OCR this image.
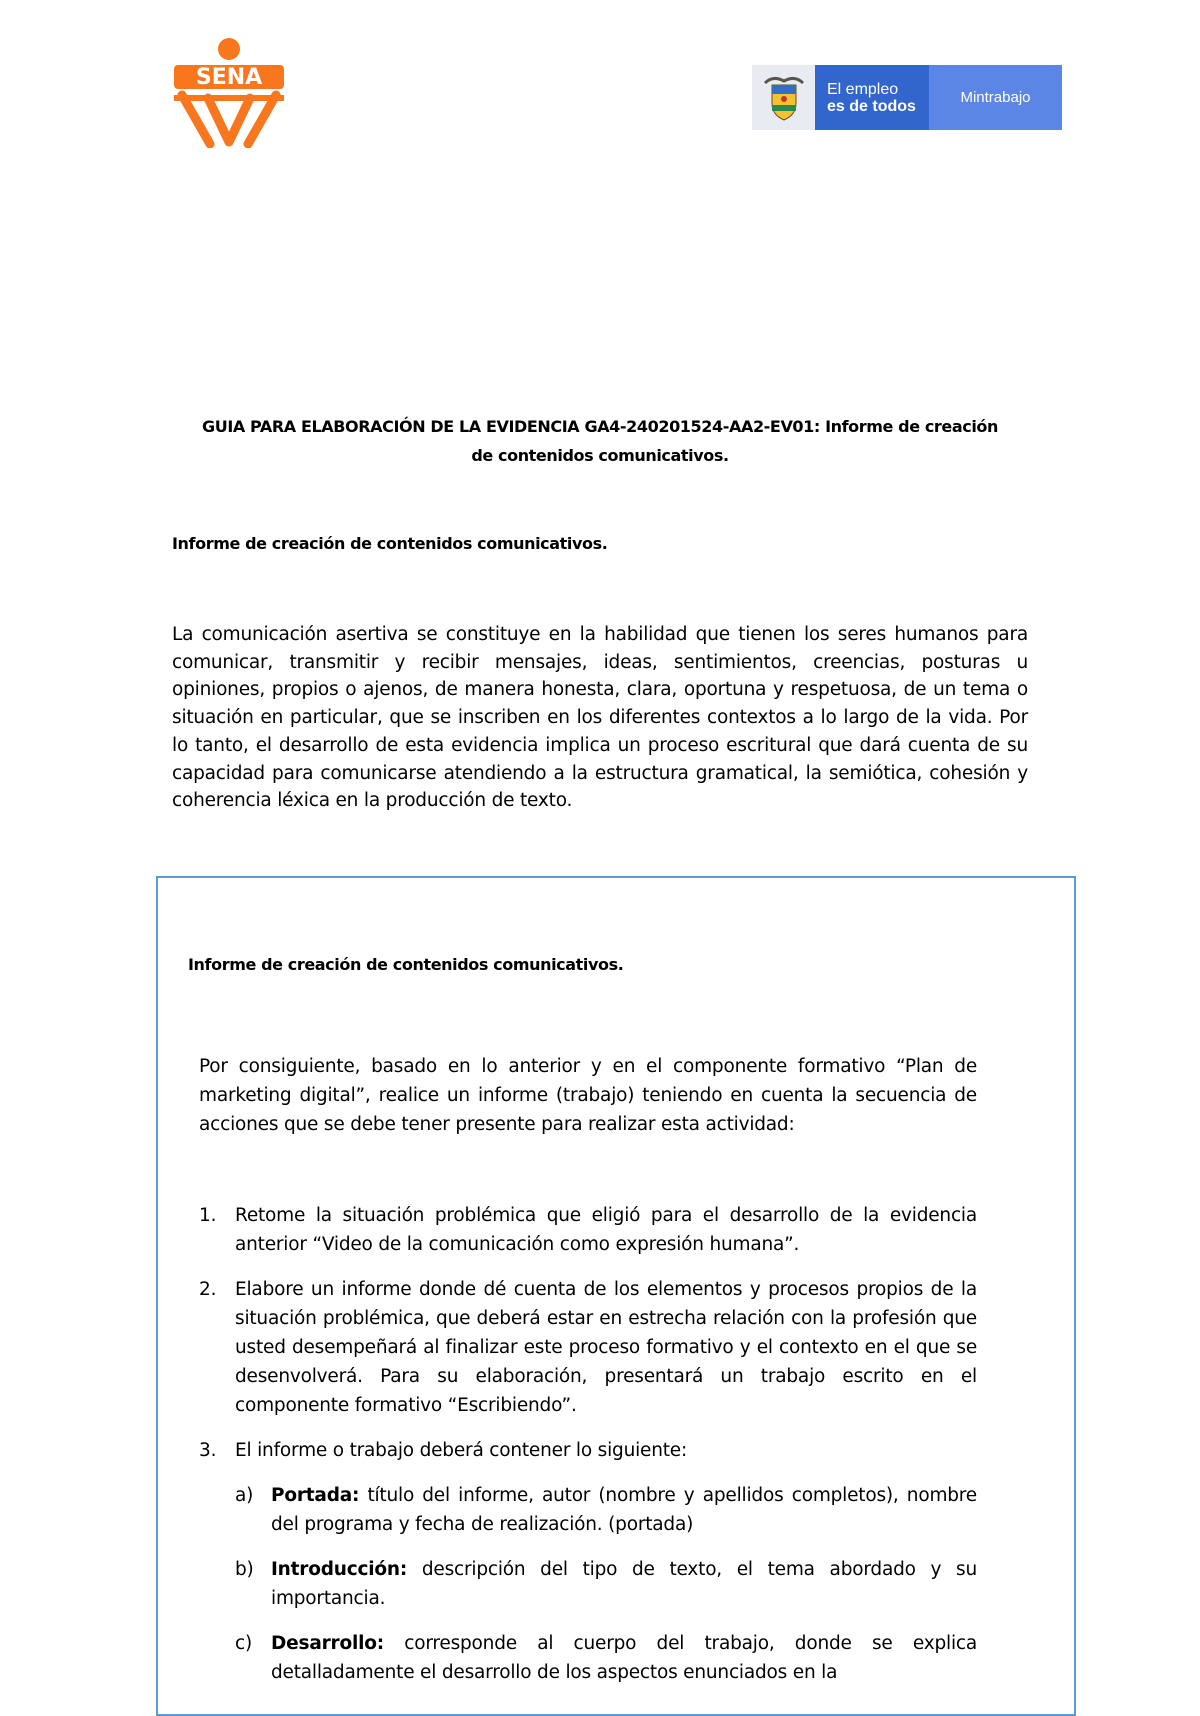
SENA	El empleo
es de todos	Mintrabajo
GUIA PARA ELABORACIÓN DE LA EVIDENCIA GA4-240201524-AA2-EV01: Informe de creación
de contenidos comunicativos.
Informe de creación de contenidos comunicativos.
La comunicación asertiva se constituye en la habilidad que tienen los seres humanos para comunicar, transmitir y recibir mensajes, ideas, sentimientos, creencias, posturas u opiniones, propios o ajenos, de manera honesta, clara, oportuna y respetuosa, de un tema o situación en particular, que se inscriben en los diferentes contextos a lo largo de la vida. Por lo tanto, el desarrollo de esta evidencia implica un proceso escritural que dará cuenta de su capacidad para comunicarse atendiendo a la estructura gramatical, la semiótica, cohesión y coherencia léxica en la producción de texto.
Informe de creación de contenidos comunicativos.
Por consiguiente, basado en lo anterior y en el componente formativo “Plan de marketing digital”, realice un informe (trabajo) teniendo en cuenta la secuencia de acciones que se debe tener presente para realizar esta actividad:
1. Retome la situación problémica que eligió para el desarrollo de la evidencia anterior “Video de la comunicación como expresión humana”.
2. Elabore un informe donde dé cuenta de los elementos y procesos propios de la situación problémica, que deberá estar en estrecha relación con la profesión que usted desempeñará al finalizar este proceso formativo y el contexto en el que se desenvolverá. Para su elaboración, presentará un trabajo escrito en el componente formativo “Escribiendo”.
3. El informe o trabajo deberá contener lo siguiente:
a) Portada: título del informe, autor (nombre y apellidos completos), nombre del programa y fecha de realización. (portada)
b) Introducción: descripción del tipo de texto, el tema abordado y su importancia.
c) Desarrollo: corresponde al cuerpo del trabajo, donde se explica detalladamente el desarrollo de los aspectos enunciados en la
